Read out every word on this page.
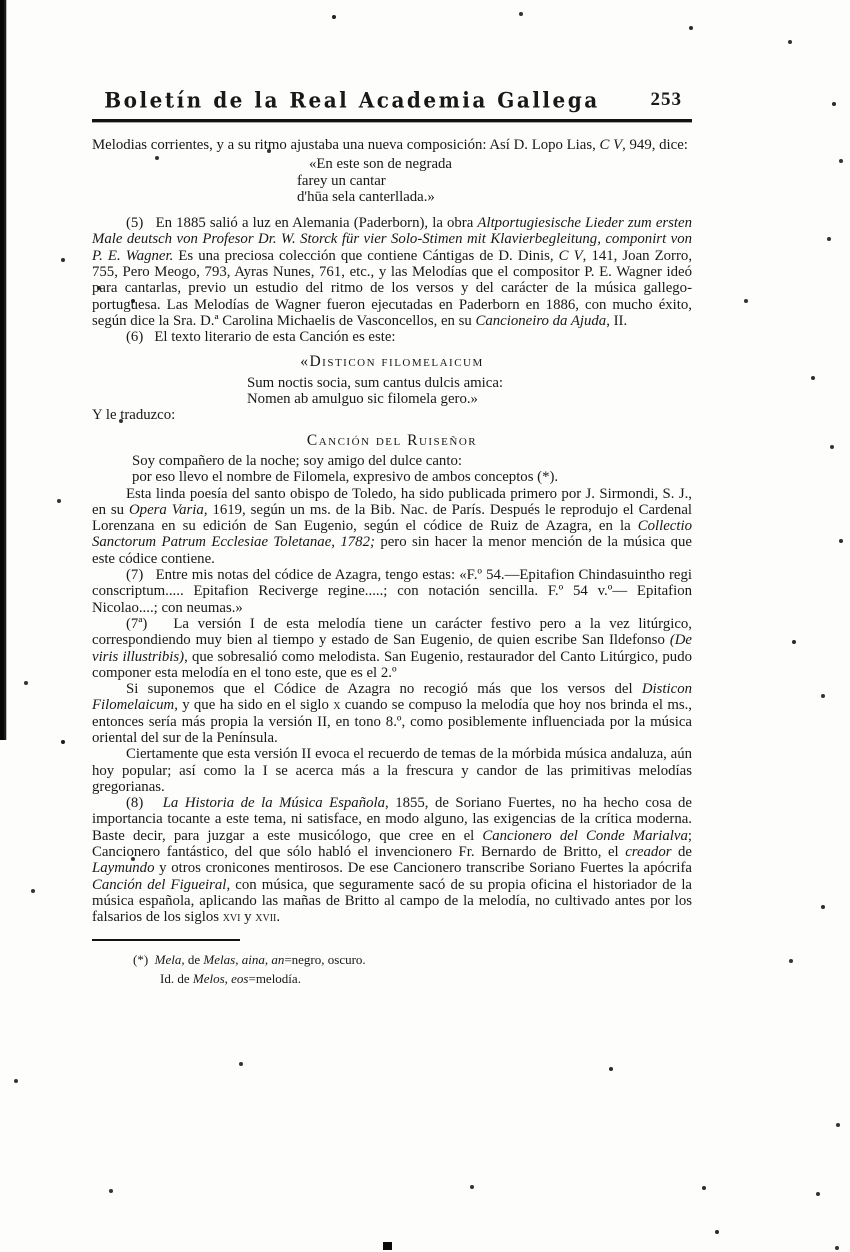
Boletín de la Real Academia Gallega	253

Melodias corrientes, y a su ritmo ajustaba una nueva composición: Así D. Lopo Lias, C V, 949, dice:

«En este son de negrada
farey un cantar
d'hūa sela canterllada.»

(5)   En 1885 salió a luz en Alemania (Paderborn), la obra Altportugiesische Lieder zum ersten Male deutsch von Profesor Dr. W. Storck für vier Solo-Stimen mit Klavierbegleitung, componirt von P. E. Wagner. Es una preciosa colección que contiene Cántigas de D. Dinis, C V, 141, Joan Zorro, 755, Pero Meogo, 793, Ayras Nunes, 761, etc., y las Melodías que el compositor P. E. Wagner ideó para cantarlas, previo un estudio del ritmo de los versos y del carácter de la música gallego-portuguesa. Las Melodías de Wagner fueron ejecutadas en Paderborn en 1886, con mucho éxito, según dice la Sra. D.ª Carolina Michaelis de Vasconcellos, en su Cancioneiro da Ajuda, II.

(6)   El texto literario de esta Canción es este:

«Disticon filomelaicum
Sum noctis socia, sum cantus dulcis amica:
Nomen ab amulguo sic filomela gero.»

Y le traduzco:

Canción del Ruiseñor
Soy compañero de la noche; soy amigo del dulce canto:
por eso llevo el nombre de Filomela, expresivo de ambos conceptos (*).

Esta linda poesía del santo obispo de Toledo, ha sido publicada primero por J. Sirmondi, S. J., en su Opera Varia, 1619, según un ms. de la Bib. Nac. de París. Después le reprodujo el Cardenal Lorenzana en su edición de San Eugenio, según el códice de Ruiz de Azagra, en la Collectio Sanctorum Patrum Ecclesiae Toletanae, 1782; pero sin hacer la menor mención de la música que este códice contiene.

(7)   Entre mis notas del códice de Azagra, tengo estas: «F.º 54.—Epitafion Chindasuintho regi conscriptum..... Epitafion Reciverge regine.....; con notación sencilla. F.º 54 v.º— Epitafion Nicolao....; con neumas.»

(7ª)   La versión I de esta melodía tiene un carácter festivo pero a la vez litúrgico, correspondiendo muy bien al tiempo y estado de San Eugenio, de quien escribe San Ildefonso (De viris illustribis), que sobresalió como melodista. San Eugenio, restaurador del Canto Litúrgico, pudo componer esta melodía en el tono este, que es el 2.º

Si suponemos que el Códice de Azagra no recogió más que los versos del Disticon Filomelaicum, y que ha sido en el siglo x cuando se compuso la melodía que hoy nos brinda el ms., entonces sería más propia la versión II, en tono 8.º, como posiblemente influenciada por la música oriental del sur de la Península.

Ciertamente que esta versión II evoca el recuerdo de temas de la mórbida música andaluza, aún hoy popular; así como la I se acerca más a la frescura y candor de las primitivas melodías gregorianas.

(8)   La Historia de la Música Española, 1855, de Soriano Fuertes, no ha hecho cosa de importancia tocante a este tema, ni satisface, en modo alguno, las exigencias de la crítica moderna. Baste decir, para juzgar a este musicólogo, que cree en el Cancionero del Conde Marialva; Cancionero fantástico, del que sólo habló el invencionero Fr. Bernardo de Britto, el creador de Laymundo y otros cronicones mentirosos. De ese Cancionero transcribe Soriano Fuertes la apócrifa Canción del Figueiral, con música, que seguramente sacó de su propia oficina el historiador de la música española, aplicando las mañas de Britto al campo de la melodía, no cultivado antes por los falsarios de los siglos xvi y xvii.

(*)  Mela, de Melas, aina, an=negro, oscuro.
Id. de Melos, eos=melodía.
